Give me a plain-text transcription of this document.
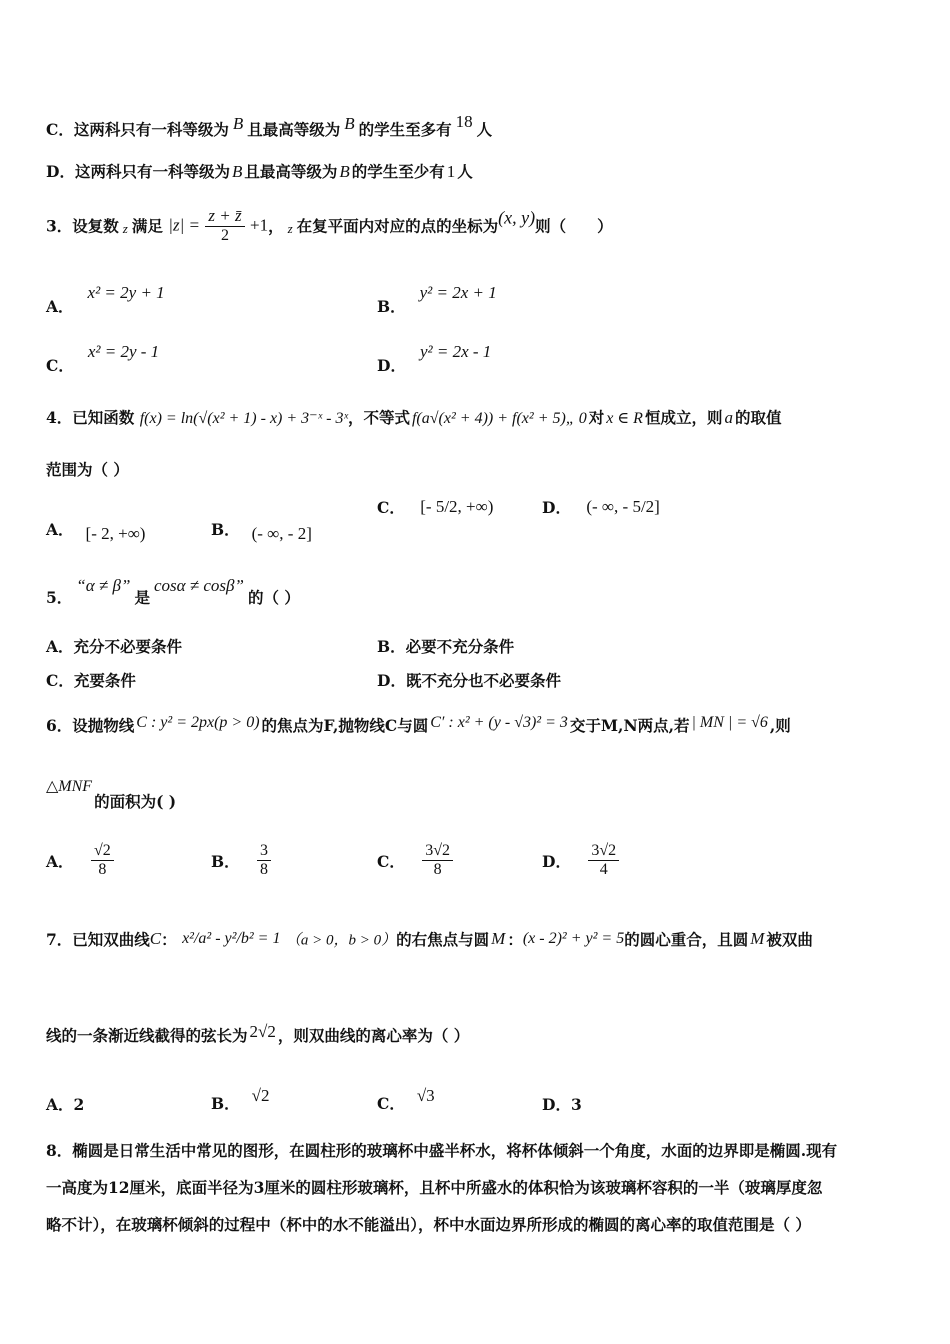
C．这两科只有一科等级为 B 且最高等级为 B 的学生至多有 18 人
D．这两科只有一科等级为 B 且最高等级为 B 的学生至少有 1 人
3．设复数 $_z$ 满足 $|z| = \frac{z + z̄}{2} +1$， $_z$ 在复平面内对应的点的坐标为(x, y)则（　　）
A．x² = 2y + 1
B．y² = 2x + 1
C．x² = 2y - 1
D．y² = 2x - 1
4．已知函数 f(x) = ln(√(x² + 1) - x) + 3⁻ˣ - 3ˣ，不等式 f(a√(x² + 4)) + f(x² + 5)„ 0 对 x ∈ R 恒成立，则 a 的取值
范围为（ ）
A． [- 2, +∞)	B． (- ∞, - 2]
C． [- 5/2, +∞)	D． (- ∞, - 5/2]
5．“α ≠ β”是cosα ≠ cosβ”的（ ）
A．充分不必要条件	B．必要不充分条件
C．充要条件	D．既不充分也不必要条件
6．设抛物线 C : y² = 2px(p > 0) 的焦点为F,抛物线C与圆 C′ : x² + (y - √3)² = 3 交于M,N两点,若 | MN | = √6 ,则
△MNF的面积为( )
A． $\frac{√2}{8}$	B． $\frac{3}{8}$	C． $\frac{3√2}{8}$	D． $\frac{3√2}{4}$
7．已知双曲线C： x²/a² - y²/b² = 1 （a > 0，b > 0）的右焦点与圆 M ：(x - 2)² + y² = 5的圆心重合，且圆 M 被双曲
线的一条渐近线截得的弦长为 2√2 ，则双曲线的离心率为（ ）
A．2	B． √2	C． √3	D．3
8．椭圆是日常生活中常见的图形，在圆柱形的玻璃杯中盛半杯水，将杯体倾斜一个角度，水面的边界即是椭圆.现有
一高度为12厘米，底面半径为3厘米的圆柱形玻璃杯，且杯中所盛水的体积恰为该玻璃杯容积的一半（玻璃厚度忽
略不计），在玻璃杯倾斜的过程中（杯中的水不能溢出），杯中水面边界所形成的椭圆的离心率的取值范围是（ ）
